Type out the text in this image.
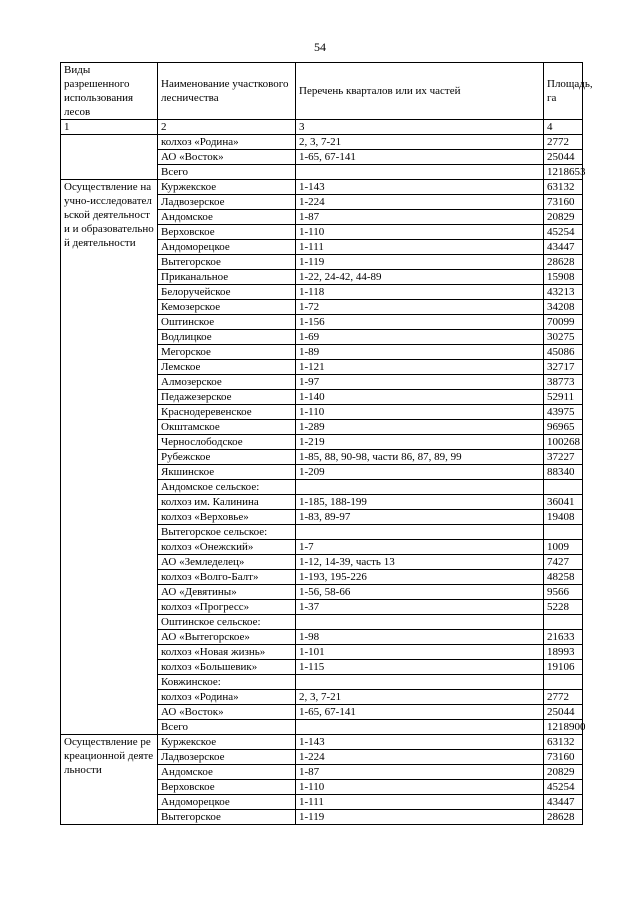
54
Виды разрешенного использования лесов	Наименование участкового лесничества	Перечень кварталов или их частей	Площадь, га
1	2	3	4
	колхоз «Родина»	2, 3, 7-21	2772
	АО «Восток»	1-65, 67-141	25044
	Всего		1218653
Осуществление научно-исследовательской деятельности и образовательной деятельности	Куржекское	1-143	63132
	Ладвозерское	1-224	73160
	Андомское	1-87	20829
	Верховское	1-110	45254
	Андоморецкое	1-111	43447
	Вытегорское	1-119	28628
	Приканальное	1-22, 24-42, 44-89	15908
	Белоручейское	1-118	43213
	Кемозерское	1-72	34208
	Оштинское	1-156	70099
	Водлицкое	1-69	30275
	Мегорское	1-89	45086
	Лемское	1-121	32717
	Алмозерское	1-97	38773
	Педажезерское	1-140	52911
	Краснодеревенское	1-110	43975
	Окштамское	1-289	96965
	Чернослободское	1-219	100268
	Рубежское	1-85, 88, 90-98, части 86, 87, 89, 99	37227
	Якшинское	1-209	88340
	Андомское сельское:		
	колхоз им. Калинина	1-185, 188-199	36041
	колхоз «Верховье»	1-83, 89-97	19408
	Вытегорское сельское:		
	колхоз «Онежский»	1-7	1009
	АО «Земледелец»	1-12, 14-39, часть 13	7427
	колхоз «Волго-Балт»	1-193, 195-226	48258
	АО «Девятины»	1-56, 58-66	9566
	колхоз «Прогресс»	1-37	5228
	Оштинское сельское:		
	АО «Вытегорское»	1-98	21633
	колхоз «Новая жизнь»	1-101	18993
	колхоз «Большевик»	1-115	19106
	Ковжинское:		
	колхоз «Родина»	2, 3, 7-21	2772
	АО «Восток»	1-65, 67-141	25044
	Всего		1218900
Осуществление рекреационной деятельности	Куржекское	1-143	63132
	Ладвозерское	1-224	73160
	Андомское	1-87	20829
	Верховское	1-110	45254
	Андоморецкое	1-111	43447
	Вытегорское	1-119	28628
